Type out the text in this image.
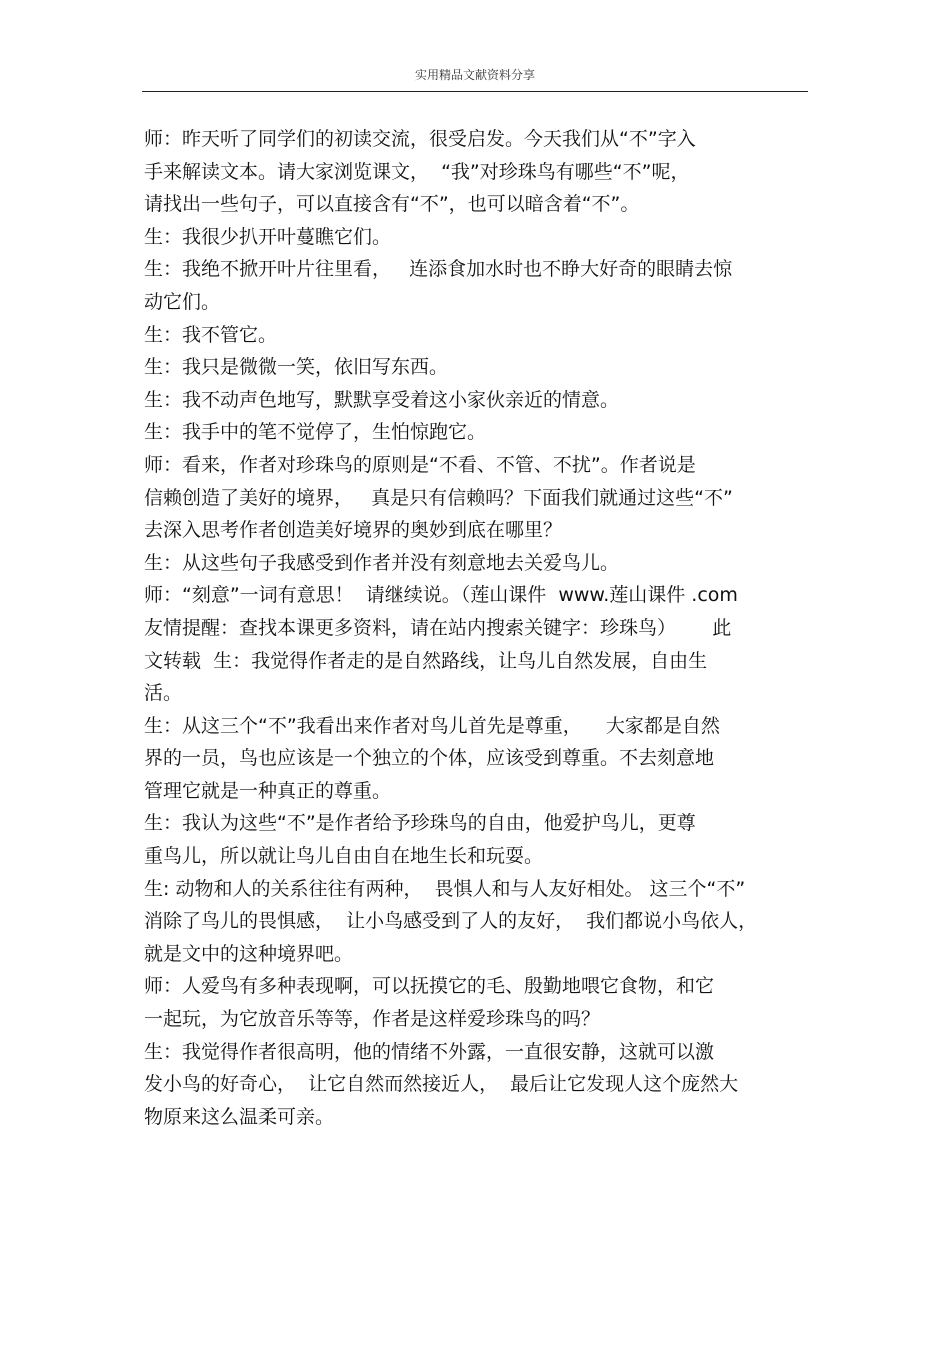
实用精品文献资料分享
师：昨天听了同学们的初读交流，很受启发。今天我们从“不”字入
手来解读文本。请大家浏览课文，  “我”对珍珠鸟有哪些“不”呢，
请找出一些句子，可以直接含有“不”，也可以暗含着“不”。
生：我很少扒开叶蔓瞧它们。
生：我绝不掀开叶片往里看，   连添食加水时也不睁大好奇的眼睛去惊
动它们。
生：我不管它。
生：我只是微微一笑，依旧写东西。
生：我不动声色地写，默默享受着这小家伙亲近的情意。
生：我手中的笔不觉停了，生怕惊跑它。
师：看来，作者对珍珠鸟的原则是“不看、不管、不扰”。作者说是
信赖创造了美好的境界，   真是只有信赖吗？下面我们就通过这些“不”
去深入思考作者创造美好境界的奥妙到底在哪里？
生：从这些句子我感受到作者并没有刻意地去关爱鸟儿。
师：“刻意”一词有意思！  请继续说。（莲山课件  www.莲山课件 .com
友情提醒：查找本课更多资料，请在站内搜索关键字：珍珠鸟）      此
文转载  生：我觉得作者走的是自然路线，让鸟儿自然发展，自由生
活。
生：从这三个“不”我看出来作者对鸟儿首先是尊重，    大家都是自然
界的一员，鸟也应该是一个独立的个体，应该受到尊重。不去刻意地
管理它就是一种真正的尊重。
生：我认为这些“不”是作者给予珍珠鸟的自由，他爱护鸟儿，更尊
重鸟儿，所以就让鸟儿自由自在地生长和玩耍。
生: 动物和人的关系往往有两种，  畏惧人和与人友好相处。 这三个“不”
消除了鸟儿的畏惧感，  让小鸟感受到了人的友好，  我们都说小鸟依人，
就是文中的这种境界吧。
师：人爱鸟有多种表现啊，可以抚摸它的毛、殷勤地喂它食物，和它
一起玩，为它放音乐等等，作者是这样爱珍珠鸟的吗？
生：我觉得作者很高明，他的情绪不外露，一直很安静，这就可以激
发小鸟的好奇心，  让它自然而然接近人，  最后让它发现人这个庞然大
物原来这么温柔可亲。
